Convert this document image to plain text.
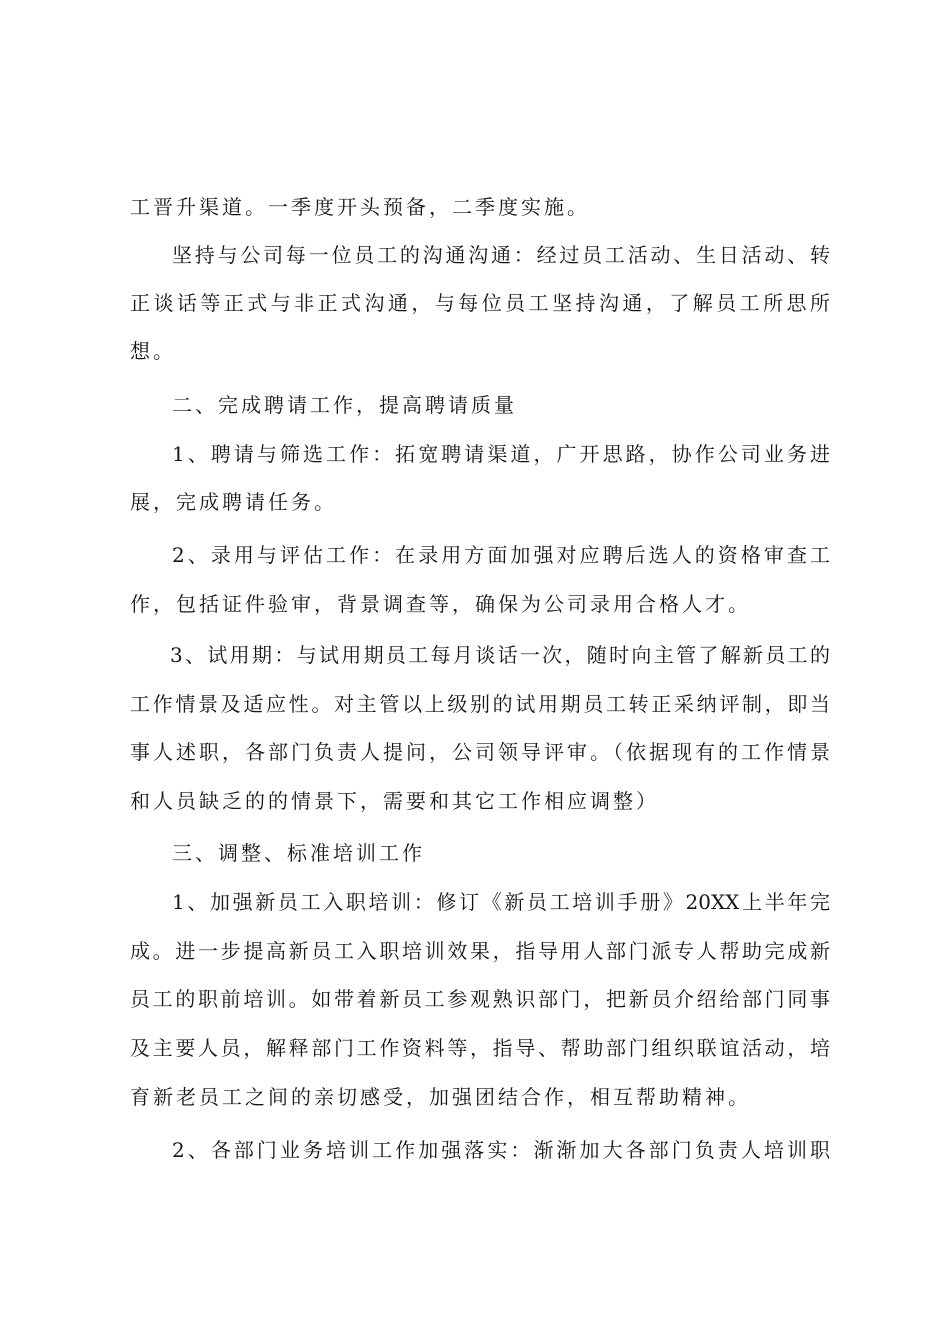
工晋升渠道。一季度开头预备，二季度实施。
坚持与公司每一位员工的沟通沟通：经过员工活动、生日活动、转
正谈话等正式与非正式沟通，与每位员工坚持沟通，了解员工所思所
想。
二、完成聘请工作，提高聘请质量
1、聘请与筛选工作：拓宽聘请渠道，广开思路，协作公司业务进
展，完成聘请任务。
2、录用与评估工作：在录用方面加强对应聘后选人的资格审查工
作，包括证件验审，背景调查等，确保为公司录用合格人才。
3、试用期：与试用期员工每月谈话一次，随时向主管了解新员工的
工作情景及适应性。对主管以上级别的试用期员工转正采纳评制，即当
事人述职，各部门负责人提问，公司领导评审。（依据现有的工作情景
和人员缺乏的的情景下，需要和其它工作相应调整）
三、调整、标准培训工作
1、加强新员工入职培训：修订《新员工培训手册》20XX上半年完
成。进一步提高新员工入职培训效果，指导用人部门派专人帮助完成新
员工的职前培训。如带着新员工参观熟识部门，把新员介绍给部门同事
及主要人员，解释部门工作资料等，指导、帮助部门组织联谊活动，培
育新老员工之间的亲切感受，加强团结合作，相互帮助精神。
2、各部门业务培训工作加强落实：渐渐加大各部门负责人培训职
